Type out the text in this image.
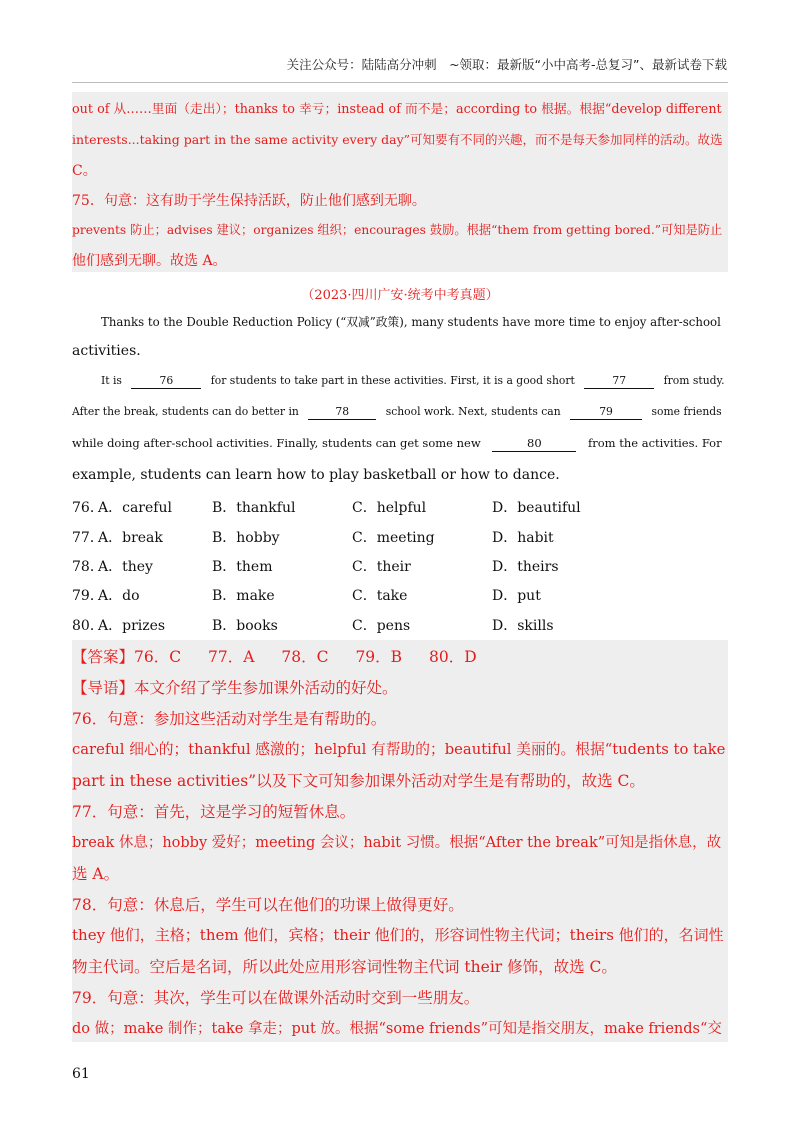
关注公众号：陆陆高分冲刺　~领取：最新版“小中高考-总复习”、最新试卷下载
out of 从……里面（走出）；thanks to 幸亏；instead of 而不是；according to 根据。根据“develop different
interests...taking part in the same activity every day”可知要有不同的兴趣，而不是每天参加同样的活动。故选
C。
75．句意：这有助于学生保持活跃，防止他们感到无聊。
prevents 防止；advises 建议；organizes 组织；encourages 鼓励。根据“them from getting bored.”可知是防止
他们感到无聊。故选 A。
（2023·四川广安·统考中考真题）
Thanks to the Double Reduction Policy (“双减”政策), many students have more time to enjoy after-school
activities.
It is	76	for students to take part in these activities. First, it is a good short	77	from study.
After the break, students can do better in	78	school work. Next, students can	79	some friends
while doing after-school activities. Finally, students can get some new	80	from the activities. For
example, students can learn how to play basketball or how to dance.
76．
A．careful	B．thankful	C．helpful	D．beautiful
77．
A．break	B．hobby	C．meeting	D．habit
78．
A．they	B．them	C．their	D．theirs
79．
A．do	B．make	C．take	D．put
80．
A．prizes	B．books	C．pens	D．skills
【答案】76．C 77．A 78．C 79．B 80．D
【导语】本文介绍了学生参加课外活动的好处。
76．句意：参加这些活动对学生是有帮助的。
careful 细心的；thankful 感激的；helpful 有帮助的；beautiful 美丽的。根据“tudents to take
part in these activities”以及下文可知参加课外活动对学生是有帮助的，故选 C。
77．句意：首先，这是学习的短暂休息。
break 休息；hobby 爱好；meeting 会议；habit 习惯。根据“After the break”可知是指休息，故
选 A。
78．句意：休息后，学生可以在他们的功课上做得更好。
they 他们，主格；them 他们，宾格；their 他们的，形容词性物主代词；theirs 他们的，名词性
物主代词。空后是名词，所以此处应用形容词性物主代词 their 修饰，故选 C。
79．句意：其次，学生可以在做课外活动时交到一些朋友。
do 做；make 制作；take 拿走；put 放。根据“some friends”可知是指交朋友，make friends“交
61
